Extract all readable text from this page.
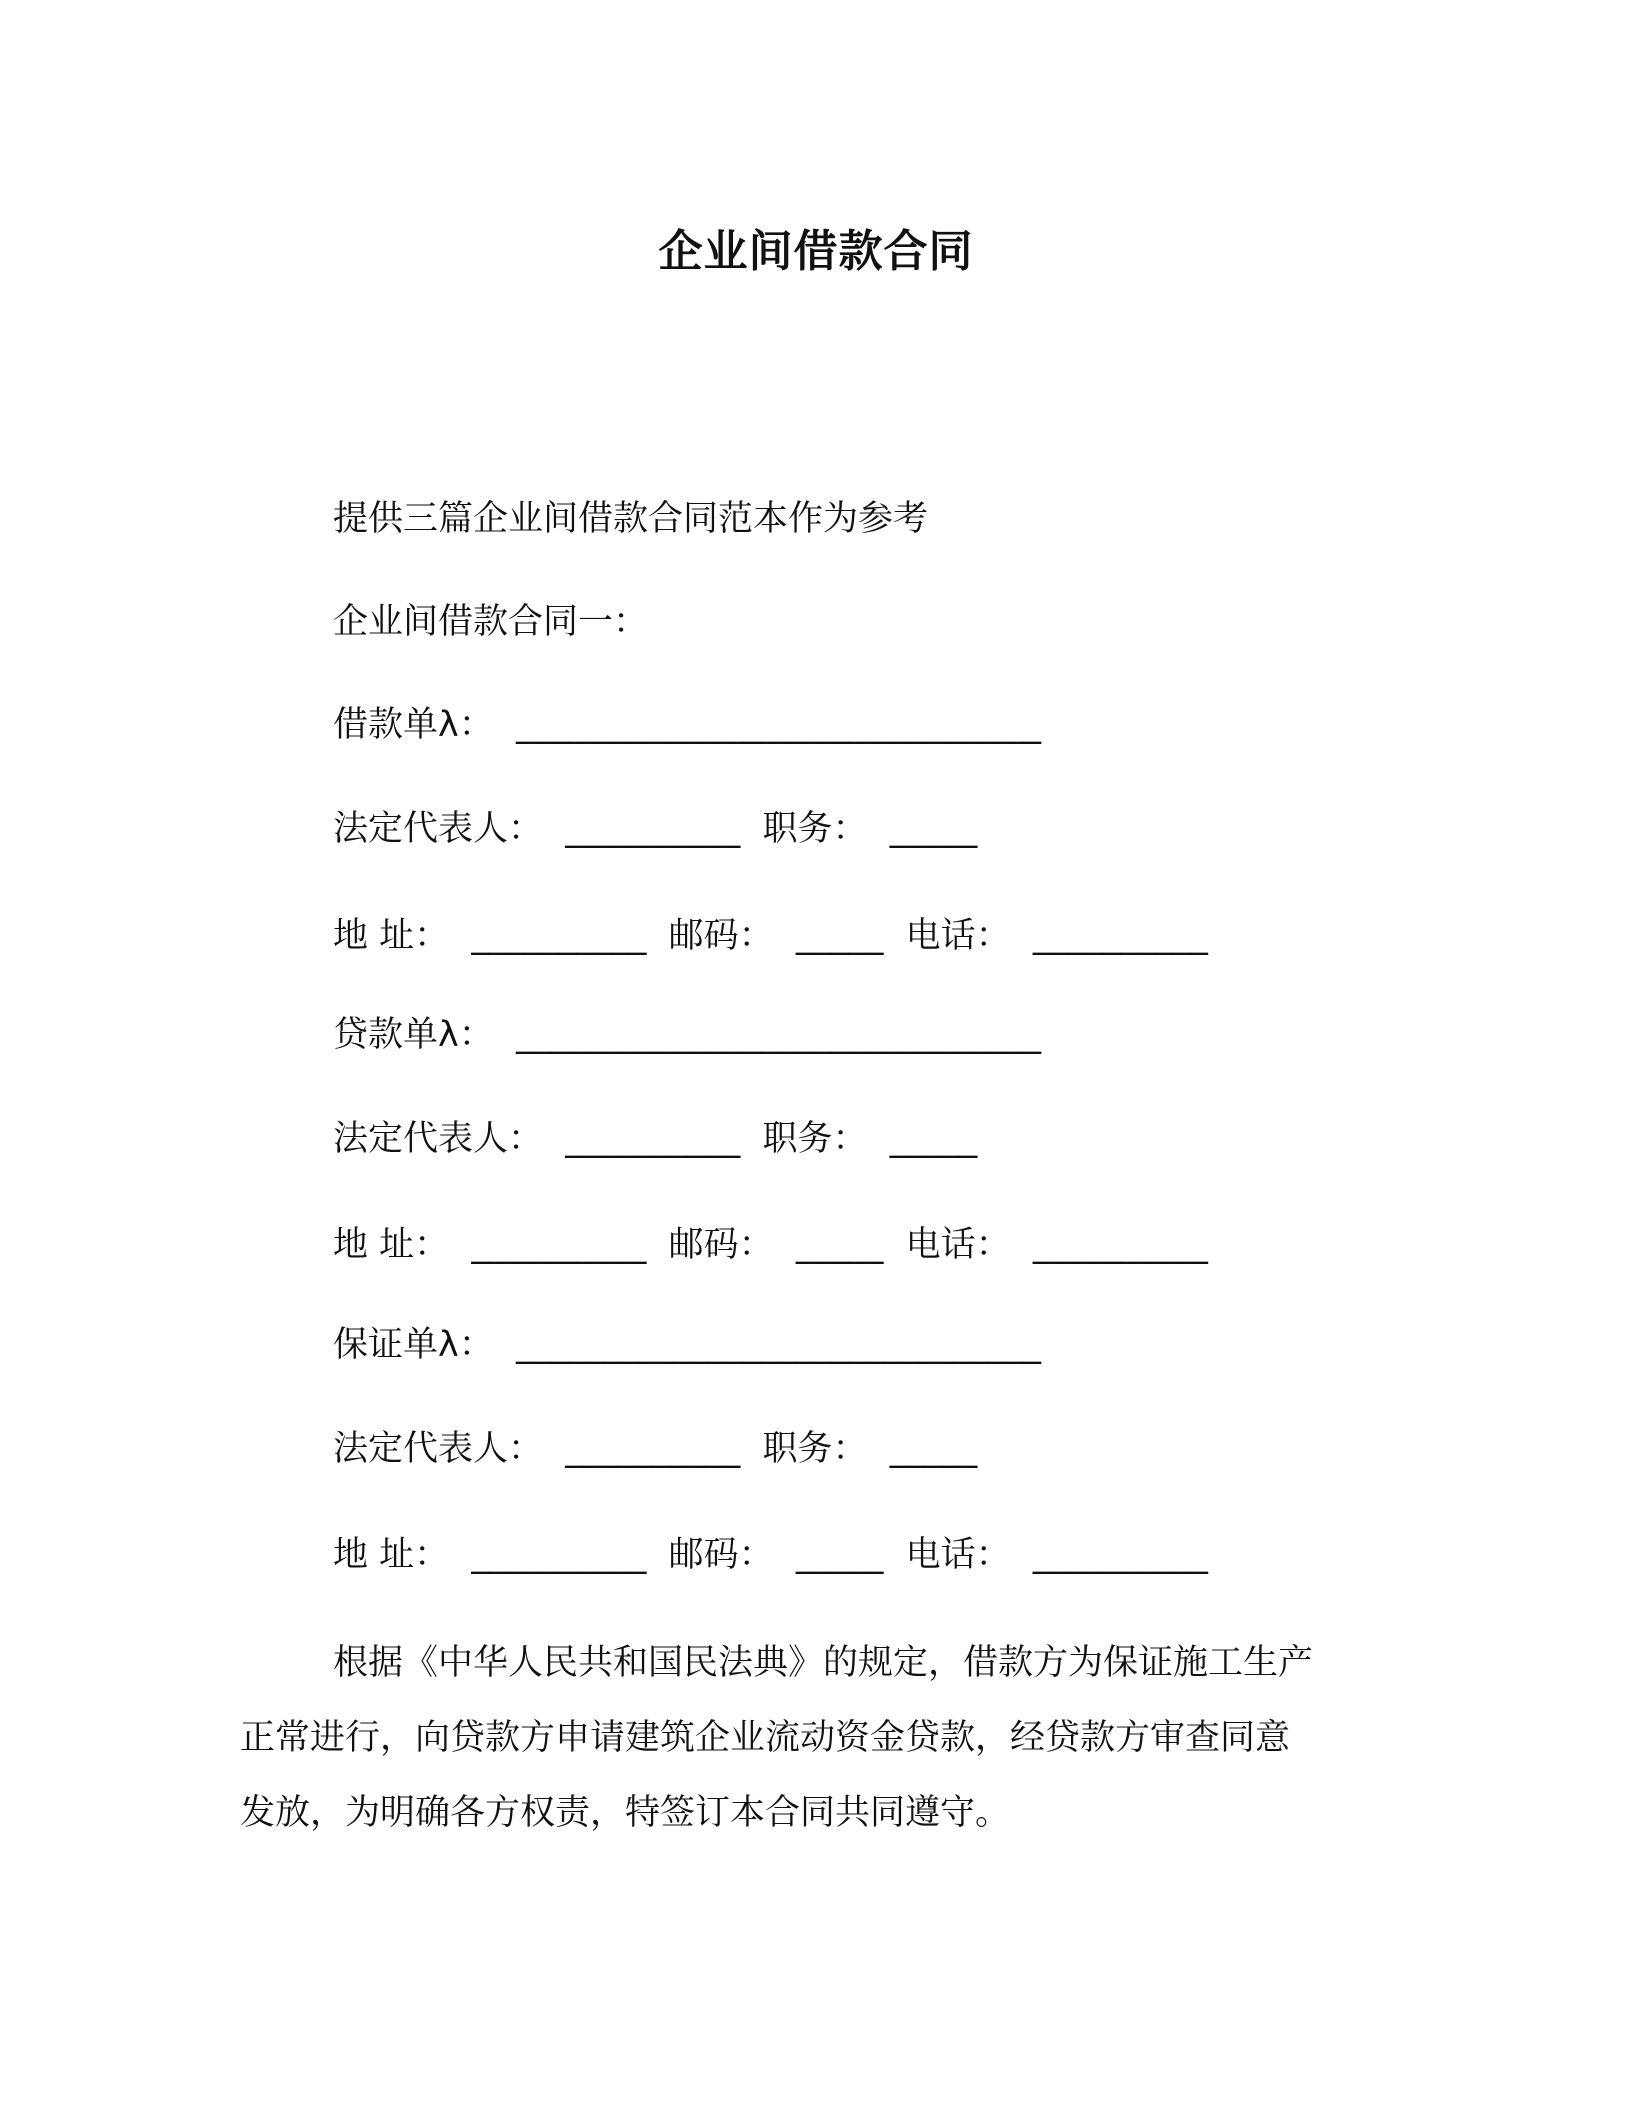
企业间借款合同
提供三篇企业间借款合同范本作为参考
企业间借款合同一：
借款单λ：  ______________________________
法定代表人：  __________  职务：  _____
地 址：  __________  邮码：  _____  电话：  __________
贷款单λ：  ______________________________
法定代表人：  __________  职务：  _____
地 址：  __________  邮码：  _____  电话：  __________
保证单λ：  ______________________________
法定代表人：  __________  职务：  _____
地 址：  __________  邮码：  _____  电话：  __________
根据《中华人民共和国民法典》的规定，借款方为保证施工生产
正常进行，向贷款方申请建筑企业流动资金贷款，经贷款方审查同意
发放，为明确各方权责，特签订本合同共同遵守。
